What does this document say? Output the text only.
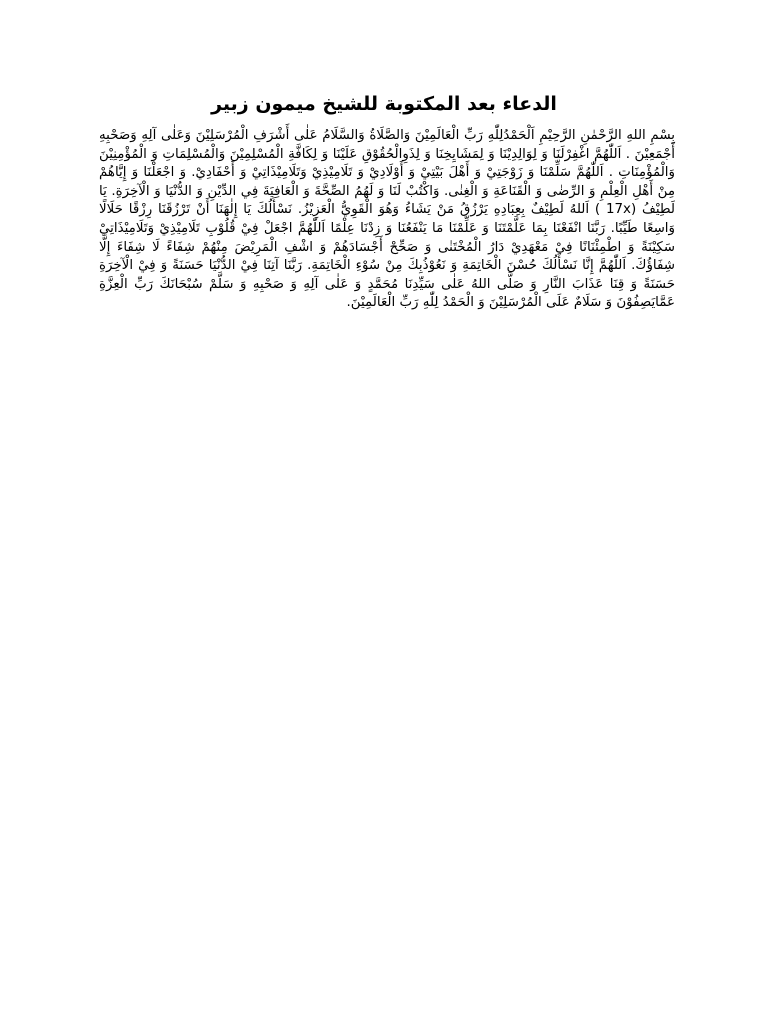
الدعاء بعد المكتوبة للشيخ ميمون زبير

بِسْمِ اللهِ الرَّحْمٰنِ الرَّحِيْمِ اَلْحَمْدُلِلّٰهِ رَبِّ الْعَالَمِيْنَ وَالصَّلَاةُ وَالسَّلَامُ عَلٰى أَشْرَفِ الْمُرْسَلِيْنَ وَعَلٰى آلِهِ وَصَحْبِهِ أَجْمَعِيْنَ . اَللّٰهُمَّ اغْفِرْلَنَا وَ لِوَالِدِيْنَا وَ لِمَشَايِخِنَا وَ لِذَوِالْحُقُوْقِ عَلَيْنَا وَ لِكَافَّةِ الْمُسْلِمِيْنَ وَالْمُسْلِمَاتِ وَ الْمُؤْمِنِيْنَ وَالْمُؤْمِنَاتِ . اَللّٰهُمَّ سَلِّمْنَا وَ زَوْجَتِيْ وَ أَهْلَ بَيْتِيْ وَ أَوْلَادِيْ وَ تَلَامِيْذِيْ وَتَلَامِيْذَاتِيْ وَ أَحْفَادِيْ. وَ اجْعَلْنَا وَ إِيَّاهُمْ مِنْ أَهْلِ الْعِلْمِ وَ الرِّضٰى وَ الْقَنَاعَةِ وَ الْغِنٰى. وَاكْتُبْ لَنَا وَ لَهُمُ الصِّحَّةَ وَ الْعَافِيَةَ فِي الدِّيْنِ وَ الدُّنْيَا وَ الْآخِرَةِ. يَا لَطِيْفُ (17x ) اَللهُ لَطِيْفٌ بِعِبَادِهِ يَرْزُقُ مَنْ يَشَاءُ وَهُوَ الْقَوِيُّ الْعَزِيْزُ. نَسْأَلُكَ يَا إِلٰهَنَا أَنْ تَرْزُقَنَا رِزْقًا حَلَالًا وَاسِعًا طَيِّبًا. رَبَّنَا انْفَعْنَا بِمَا عَلَّمْتَنَا وَ عَلِّمْنَا مَا يَنْفَعُنَا وَ زِدْنَا عِلْمًا اَللّٰهُمَّ اجْعَلْ فِيْ قُلُوْبِ تَلَامِيْذِيْ وَتَلَامِيْذَاتِيْ سَكِيْنَةً وَ اطْمِئْنَانًا فِيْ مَعْهَدِيْ دَارُ الْمُخْتَنٰى وَ صَحِّحْ أَجْسَادَهُمْ وَ اشْفِ الْمَرِيْضَ مِنْهُمْ شِفَاءً لَا شِفَاءَ إِلَّا شِفَاؤُكَ. اَللّٰهُمَّ إِنَّا نَسْأَلُكَ حُسْنَ الْخَاتِمَةِ وَ نَعُوْذُبِكَ مِنْ سُوْءِ الْخَاتِمَةِ. رَبَّنَا آتِنَا فِيْ الدُّنْيَا حَسَنَةً وَ فِيْ الْآخِرَةِ حَسَنَةً وَ قِنَا عَذَابَ النَّارِ وَ صَلَّى اللهُ عَلٰى سَيِّدِنَا مُحَمَّدٍ وَ عَلٰى آلِهِ وَ صَحْبِهِ وَ سَلَّمْ سُبْحَانَكَ رَبِّ الْعِزَّةِ عَمَّايَصِفُوْنَ وَ سَلَامٌ عَلَى الْمُرْسَلِيْنَ وَ الْحَمْدُ لِلّٰهِ رَبِّ الْعَالَمِيْنَ.
